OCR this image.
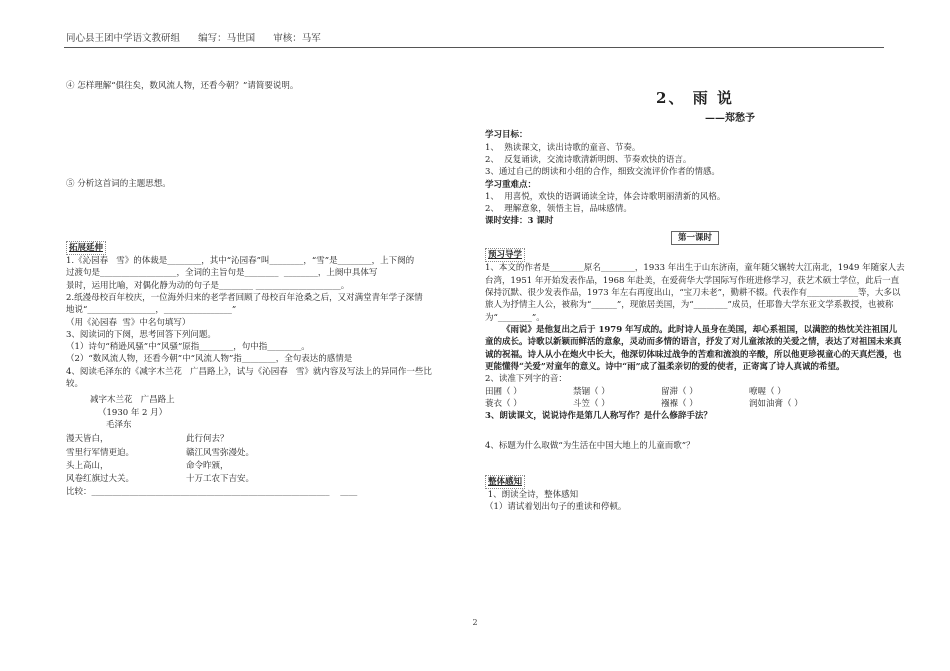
同心县王团中学语文教研组 编写：马世国 审核：马军

④ 怎样理解“俱往矣，数风流人物，还看今朝？”请简要说明。

⑤ 分析这首词的主题思想。

拓展延伸

1.《沁园春   雪》的体裁是________，其中“沁园春”叫________，“雪”是________，上下阕的

过渡句是__________________，全词的主旨句是________  ________，上阕中具体写

景时，运用比喻，对偶化静为动的句子是________ ____________________。

2.纸漫母校百年校庆，一位海外归来的老学者回顾了母校百年沧桑之后，又对满堂青年学子深情

地说“________________，________________”

（用《沁园春  雪》中名句填写）

3、阅读词的下阕，思考回答下列问题。

（1）诗句“稍逊风骚”中“风骚”原指________，句中指________。

（2）“数风流人物，还看今朝”中“风流人物”指________，全句表达的感情是

4、阅读毛泽东的《减字木兰花   广昌路上》，试与《沁园春   雪》就内容及写法上的异同作一些比

较。

减字木兰花   广昌路上

（1930 年 2 月）

毛泽东

漫天皆白，	此行何去？
雪里行军情更迫。	赣江风雪弥漫处。
头上高山，	命令昨颁，
风卷红旗过大关。	十万工农下吉安。

比较：________________________________________________________    ____

2、 雨 说
——郑愁予

学习目标：

1、  熟读课文，读出诗歌的童音、节奏。

2、  反复诵读，交流诗歌清新明朗、节奏欢快的语言。

3、通过自己的朗读和小组的合作，细致交流评价作者的情感。

学习重难点：

1、  用喜悦，欢快的语调诵读全诗，体会诗歌明丽清新的风格。

2、  理解意象，领悟主旨，品味感情。

课时安排：3 课时

第一课时
预习导学

1、本文的作者是________原名________，1933 年出生于山东济南，童年随父辗转大江南北，1949 年随家人去台湾，1951 年开始发表作品，1968 年赴美，在爱荷华大学国际写作班进修学习，获艺术硕士学位，此后一直保持沉默、很少发表作品，1973 年左右再度出山，“宝刀未老”，勤耕不辍。代表作有____________等，大多以旅人为抒情主人公，被称为“______”，现旅居美国，为“________”成员，任耶鲁大学东亚文学系教授，也被称为“________”。

《雨说》是他复出之后于 1979 年写成的。此时诗人虽身在美国，却心系祖国，以满腔的热忱关注祖国儿童的成长。诗歌以新颖而鲜活的意象，灵动而多情的语言，抒发了对儿童浓浓的关爱之情，表达了对祖国未来真诚的祝福。诗人从小在炮火中长大，他深切体味过战争的苦难和流浪的辛酸，所以他更珍视童心的天真烂漫，也更能懂得“关爱”对童年的意义。诗中“雨”成了温柔亲切的爱的使者，正寄寓了诗人真诚的希望。

2、读准下列字的音：

田圃（ ）	禁锢（ ）	留滞（ ）	嘹喔（ ）
蓑衣（ ）	斗笠（ ）	襁褓（ ）	润如油膏（ ）

3、朗读课文，说说诗作是第几人称写作？是什么修辞手法？

4、标题为什么取做“为生活在中国大地上的儿童而歌”？

整体感知

1、朗读全诗，整体感知

（1）请试着划出句子的重读和停顿。

2
